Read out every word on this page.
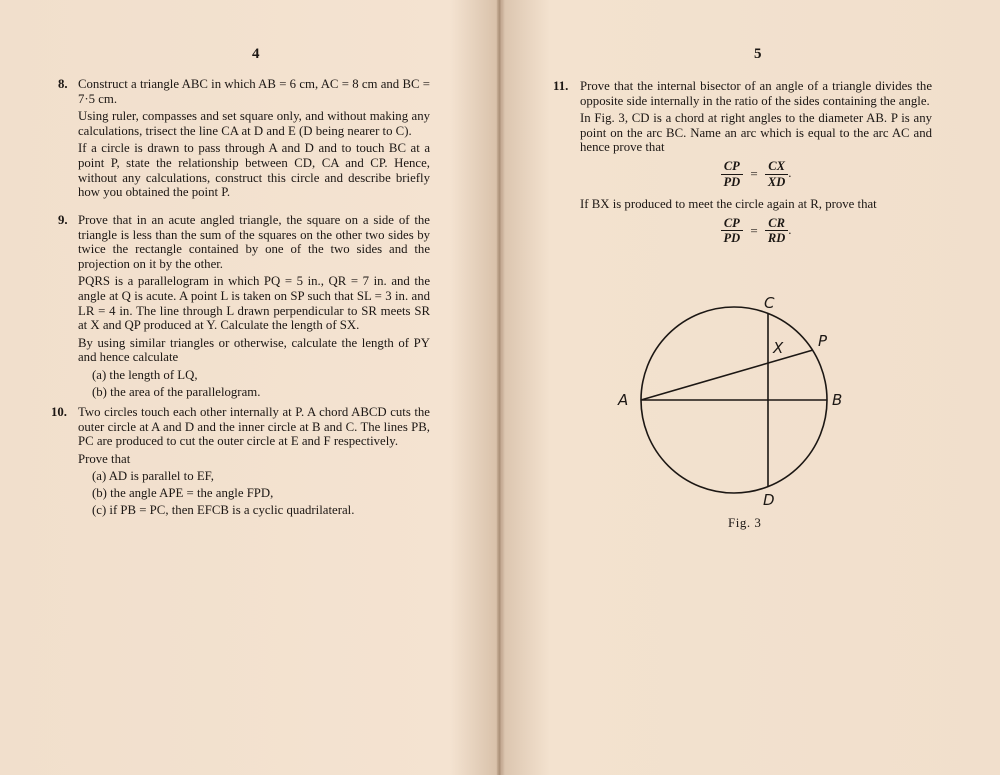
4
8. Construct a triangle ABC in which AB = 6 cm, AC = 8 cm and BC = 7·5 cm.

Using ruler, compasses and set square only, and without making any calculations, trisect the line CA at D and E (D being nearer to C).

If a circle is drawn to pass through A and D and to touch BC at a point P, state the relationship between CD, CA and CP. Hence, without any calculations, construct this circle and describe briefly how you obtained the point P.

9. Prove that in an acute angled triangle, the square on a side of the triangle is less than the sum of the squares on the other two sides by twice the rectangle contained by one of the two sides and the projection on it by the other.

PQRS is a parallelogram in which PQ = 5 in., QR = 7 in. and the angle at Q is acute. A point L is taken on SP such that SL = 3 in. and LR = 4 in. The line through L drawn perpendicular to SR meets SR at X and QP produced at Y. Calculate the length of SX.

By using similar triangles or otherwise, calculate the length of PY and hence calculate

(a) the length of LQ,

(b) the area of the parallelogram.

10. Two circles touch each other internally at P. A chord ABCD cuts the outer circle at A and D and the inner circle at B and C. The lines PB, PC are produced to cut the outer circle at E and F respectively.

Prove that

(a) AD is parallel to EF,

(b) the angle APE = the angle FPD,

(c) if PB = PC, then EFCB is a cyclic quadrilateral.

5
11. Prove that the internal bisector of an angle of a triangle divides the opposite side internally in the ratio of the sides containing the angle.

In Fig. 3, CD is a chord at right angles to the diameter AB. P is any point on the arc BC. Name an arc which is equal to the arc AC and hence prove that

$\frac{CP}{PD} = \frac{CX}{XD}$ .

If BX is produced to meet the circle again at R, prove that

$\frac{CP}{PD} = \frac{CR}{RD}$ .
A	B
C
D
P
X
Fig. 3
